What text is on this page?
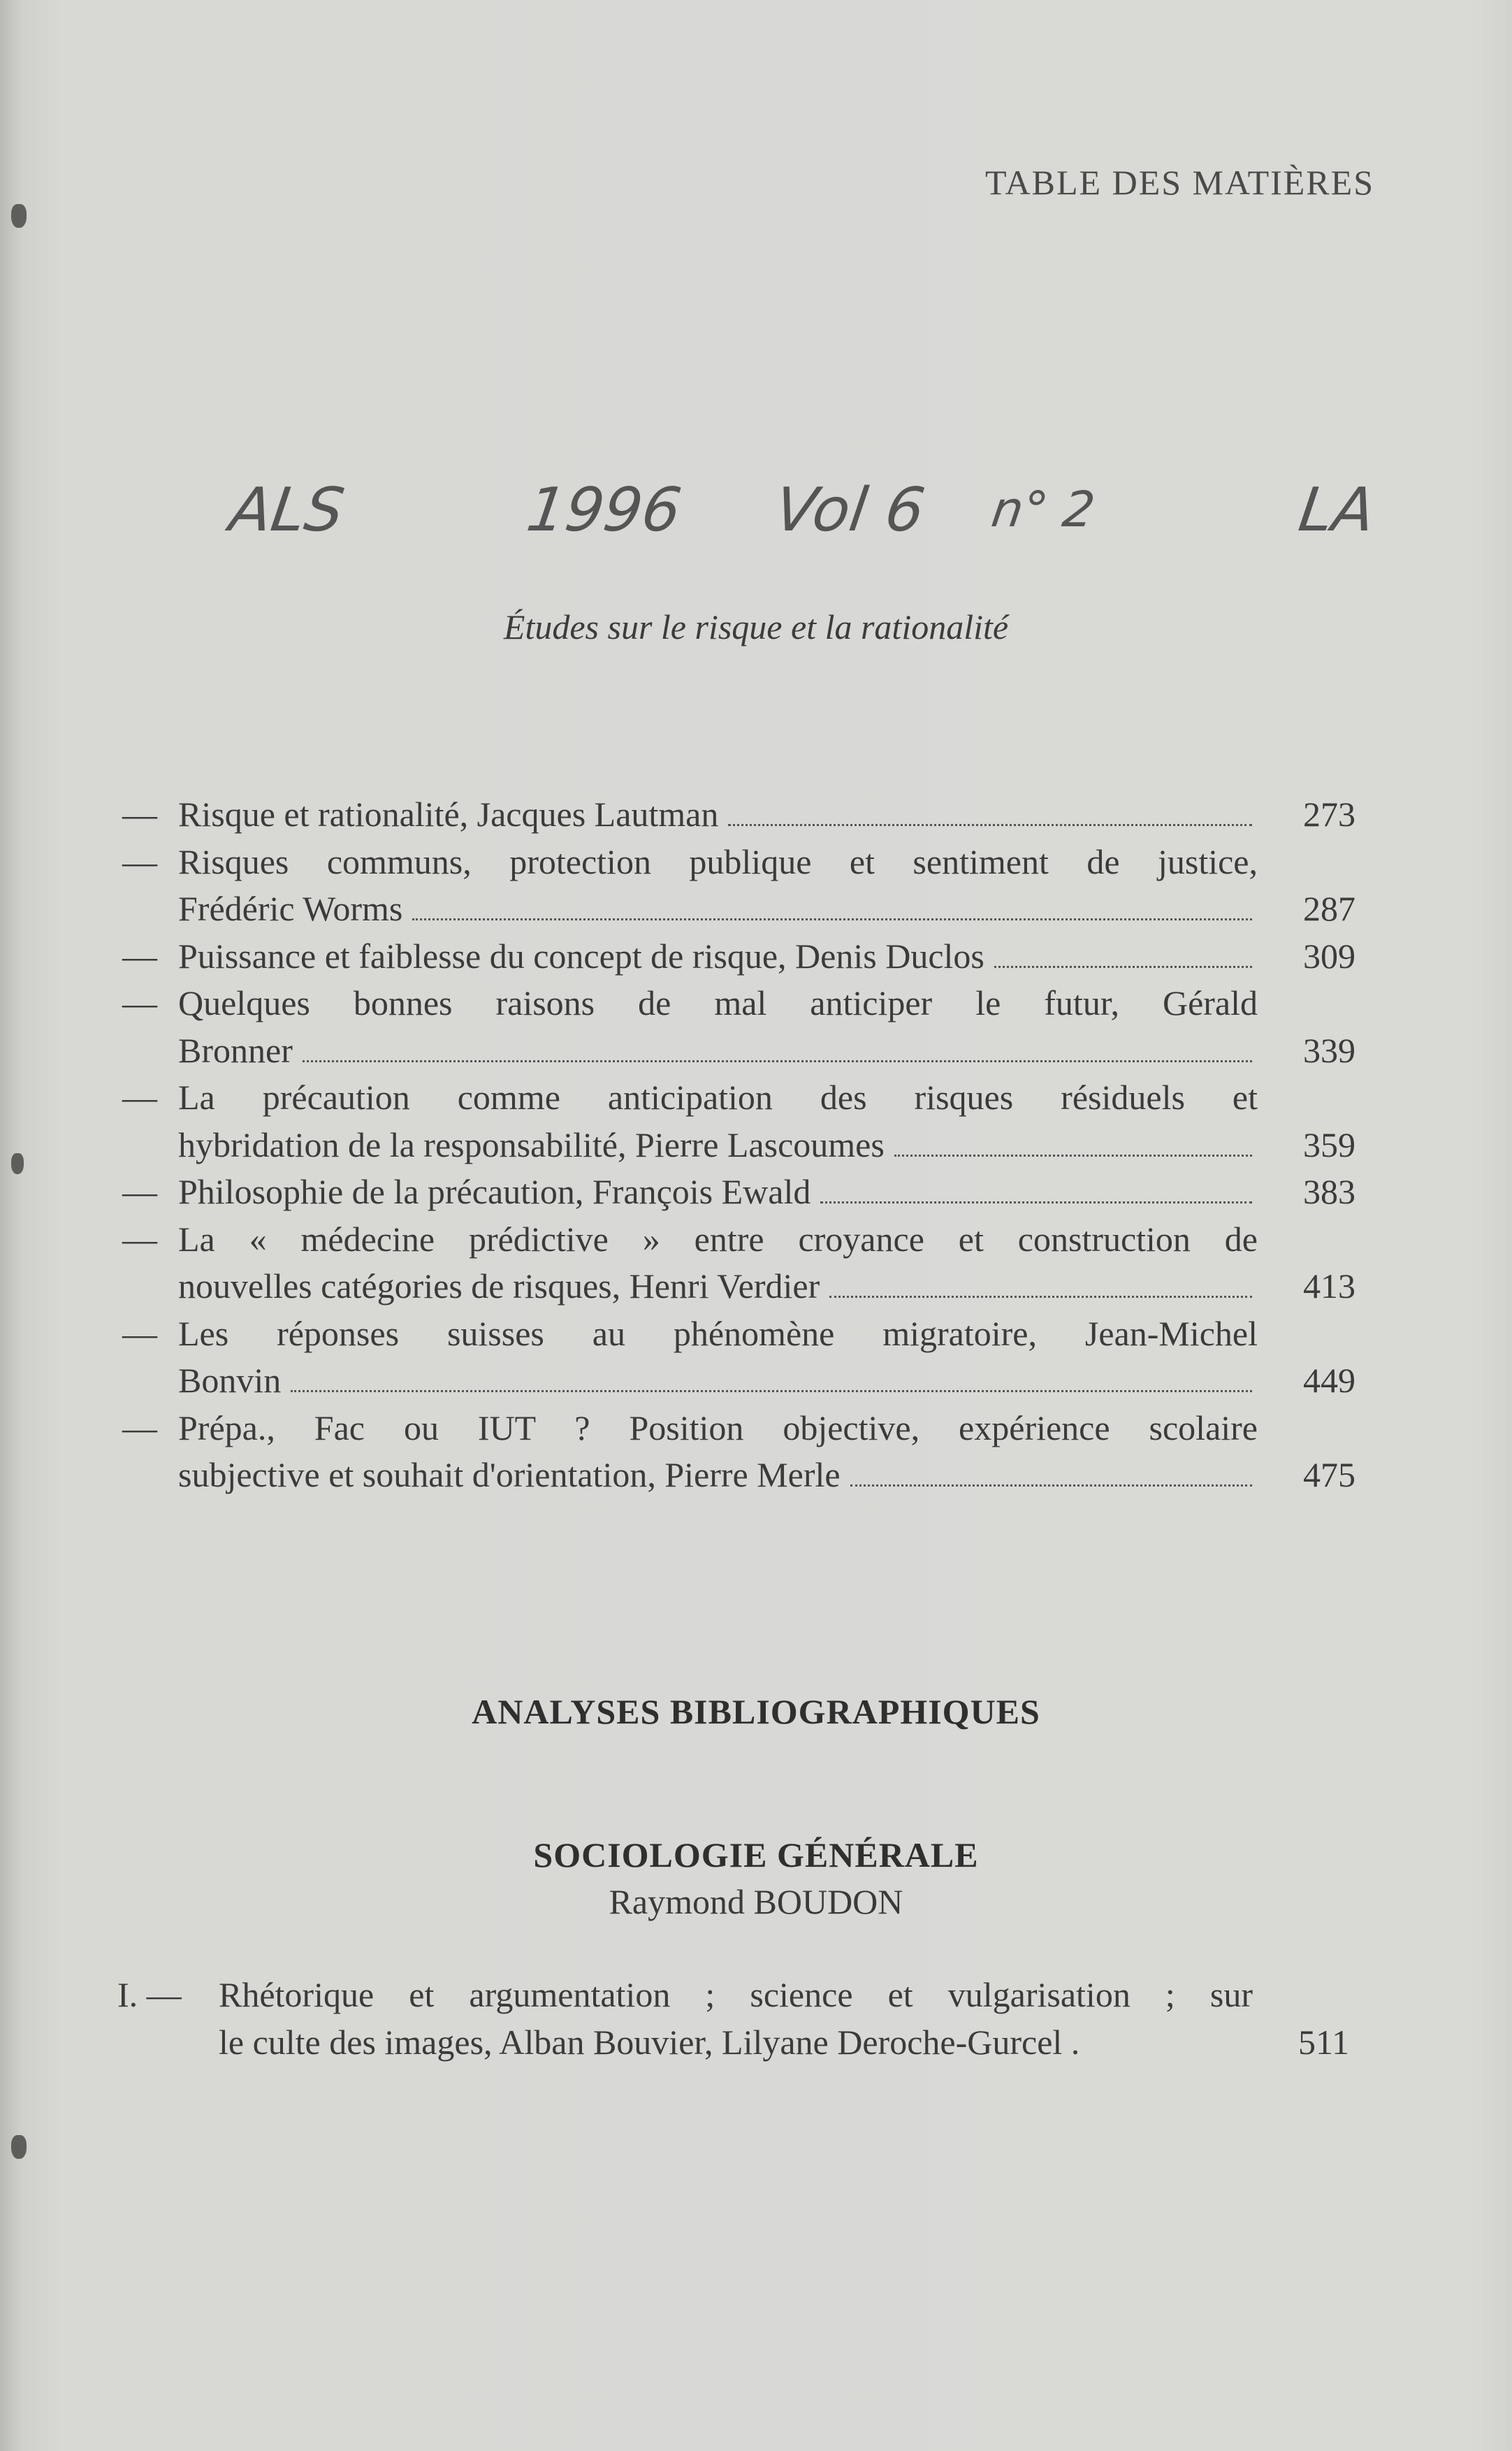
TABLE DES MATIÈRES
ALS	1996 Vol 6 n° 2	LA
Études sur le risque et la rationalité
— Risque et rationalité, Jacques Lautman	273
— Risques communs, protection publique et sentiment de justice,
Frédéric Worms	287
— Puissance et faiblesse du concept de risque, Denis Duclos	309
— Quelques bonnes raisons de mal anticiper le futur, Gérald
Bronner	339
— La précaution comme anticipation des risques résiduels et
hybridation de la responsabilité, Pierre Lascoumes	359
— Philosophie de la précaution, François Ewald	383
— La « médecine prédictive » entre croyance et construction de
nouvelles catégories de risques, Henri Verdier	413
— Les réponses suisses au phénomène migratoire, Jean-Michel
Bonvin	449
— Prépa., Fac ou IUT ? Position objective, expérience scolaire
subjective et souhait d'orientation, Pierre Merle	475
ANALYSES BIBLIOGRAPHIQUES
SOCIOLOGIE GÉNÉRALE
Raymond BOUDON
I. — Rhétorique et argumentation ; science et vulgarisation ; sur
le culte des images, Alban Bouvier, Lilyane Deroche-Gurcel .	511
